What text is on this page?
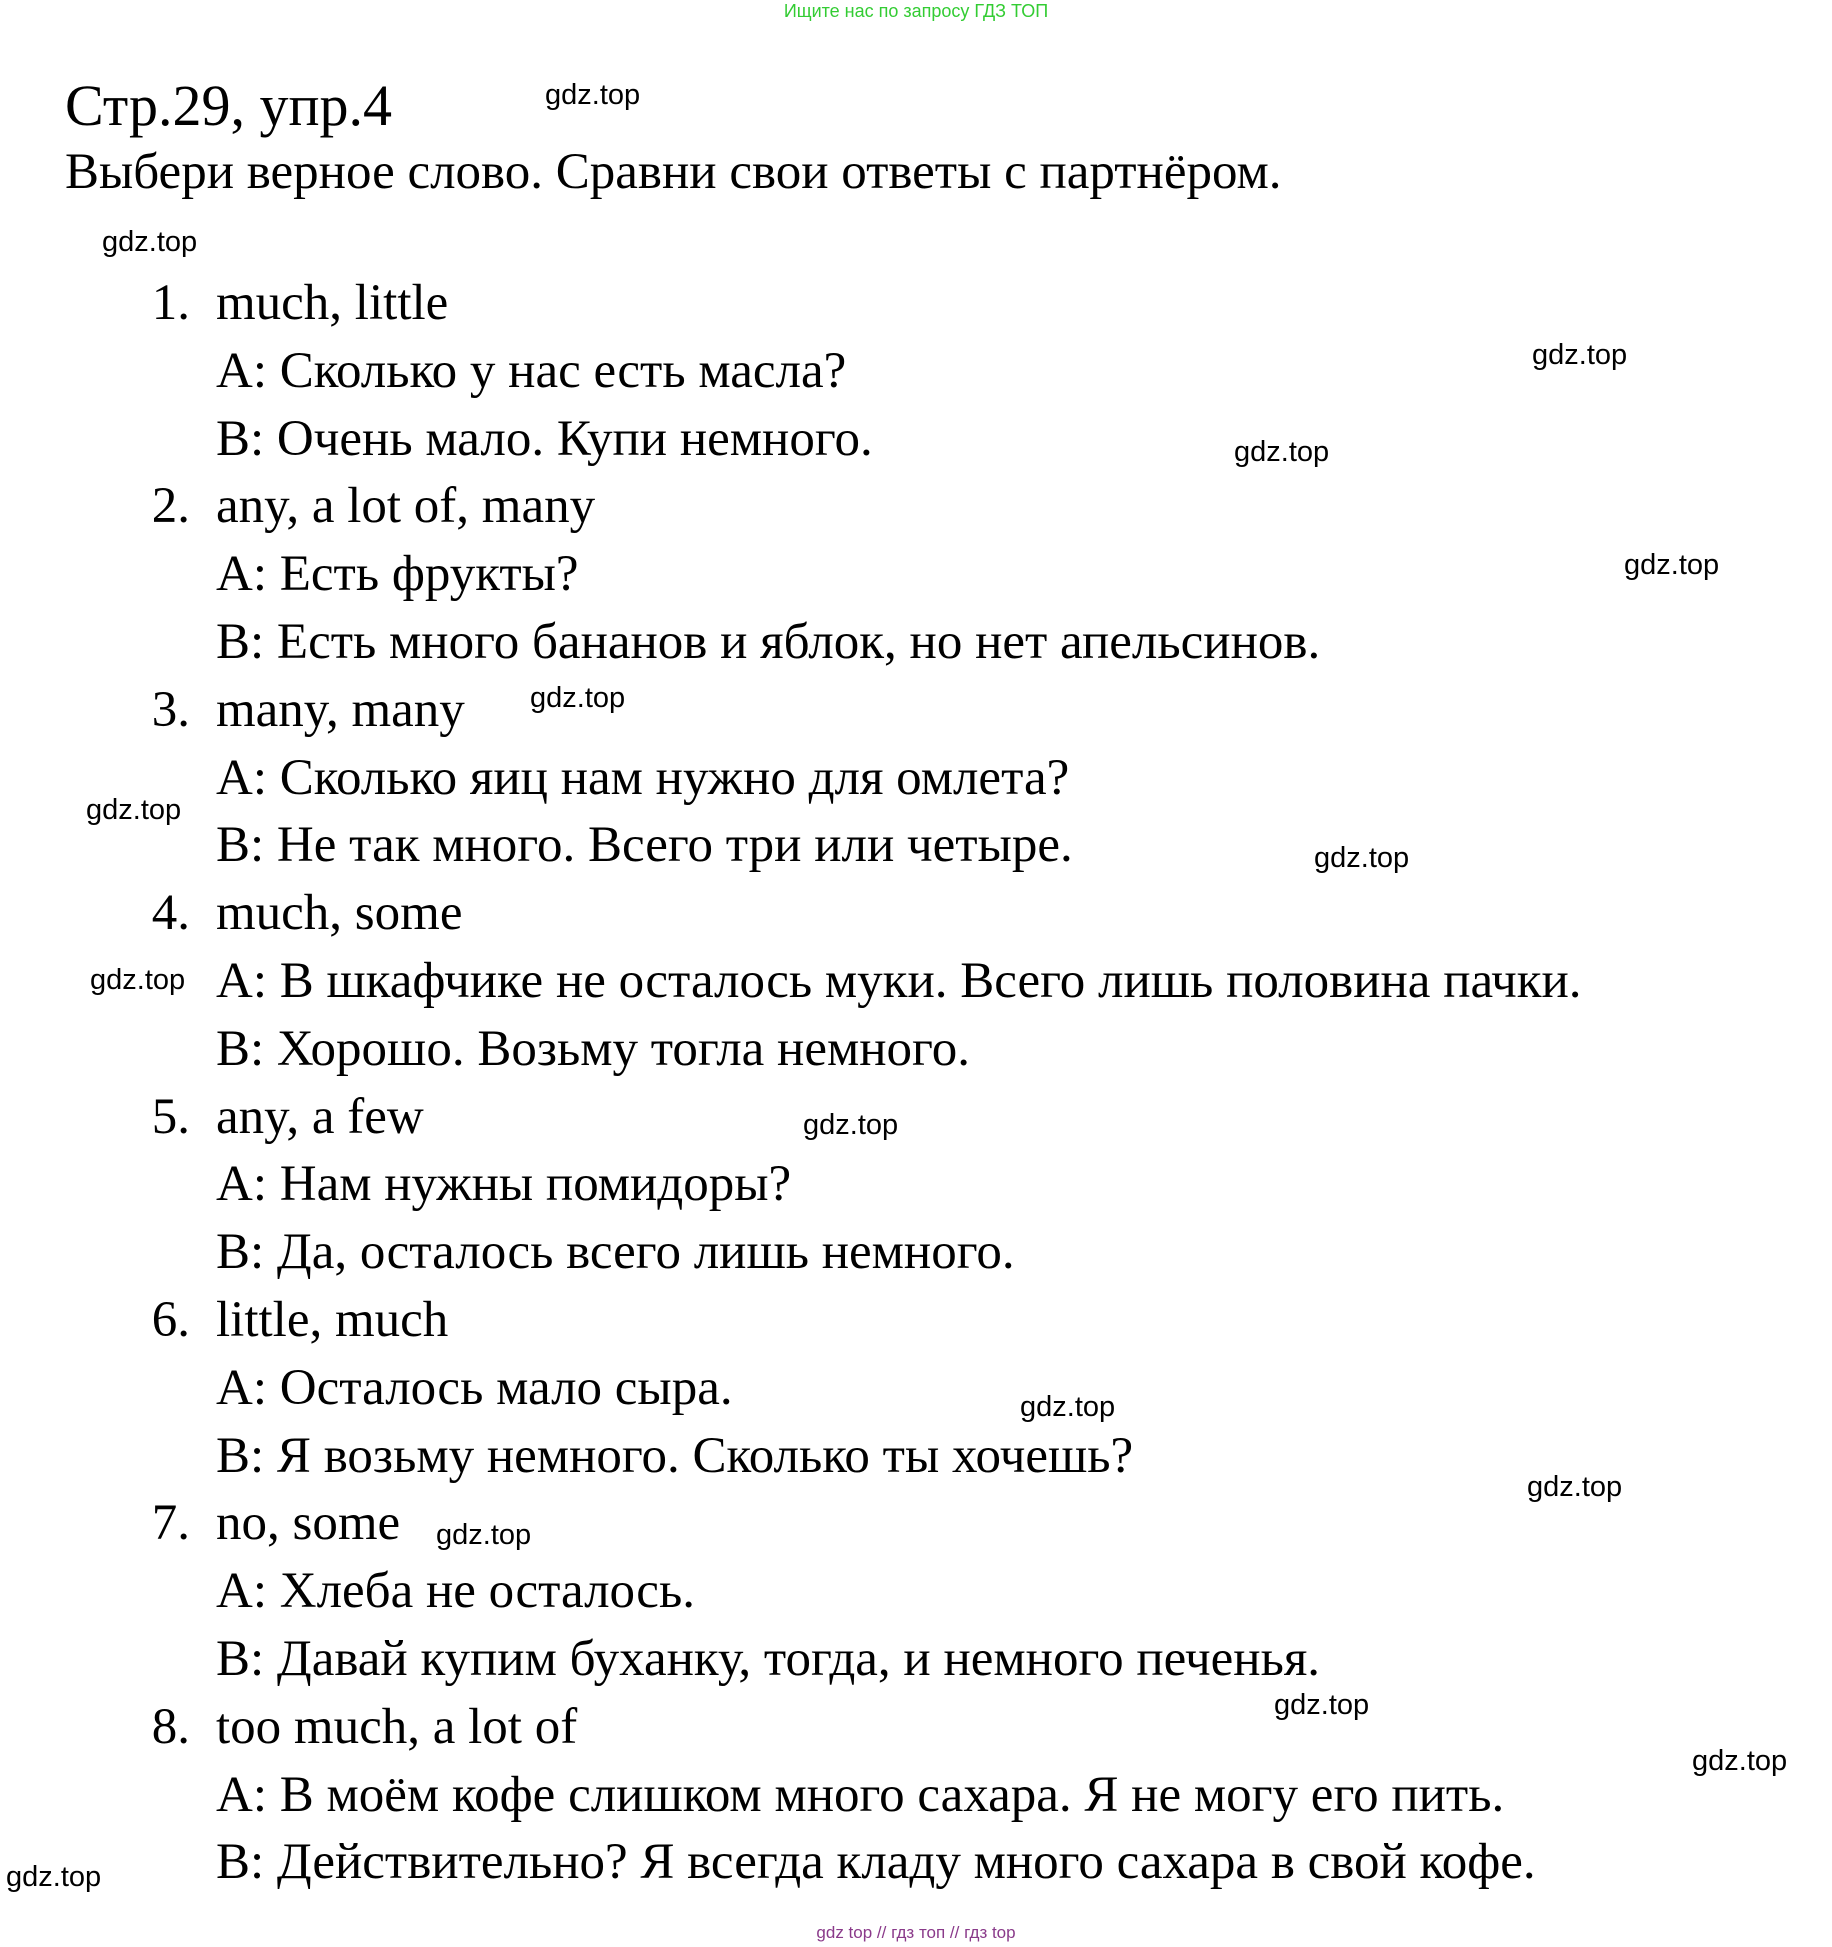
Ищите нас по запросу ГДЗ ТОП
Стр.29, упр.4
Выбери верное слово. Сравни свои ответы с партнёром.
1. much, little
A: Сколько у нас есть масла?
B: Очень мало. Купи немного.
2. any, a lot of, many
A: Есть фрукты?
B: Есть много бананов и яблок, но нет апельсинов.
3. many, many
A: Сколько яиц нам нужно для омлета?
B: Не так много. Всего три или четыре.
4. much, some
A: В шкафчике не осталось муки. Всего лишь половина пачки.
B: Хорошо. Возьму тогла немного.
5. any, a few
A: Нам нужны помидоры?
B: Да, осталось всего лишь немного.
6. little, much
A: Осталось мало сыра.
B: Я возьму немного. Сколько ты хочешь?
7. no, some
A: Хлеба не осталось.
B: Давай купим буханку, тогда, и немного печенья.
8. too much, a lot of
A: В моём кофе слишком много сахара. Я не могу его пить.
B: Действительно? Я всегда кладу много сахара в свой кофе.
gdz.top
gdz.top
gdz.top
gdz.top
gdz.top
gdz.top
gdz.top
gdz.top
gdz.top
gdz.top
gdz.top
gdz.top
gdz.top
gdz.top
gdz.top
gdz.top
gdz top // гдз топ // гдз top
